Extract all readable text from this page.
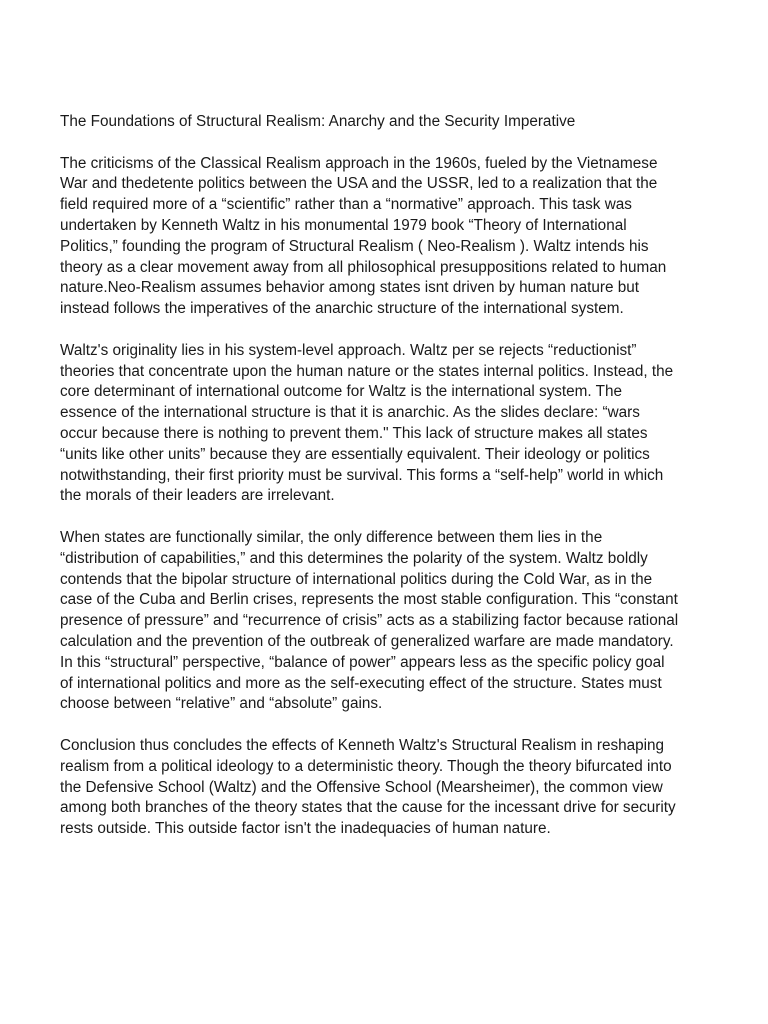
The Foundations of Structural Realism: Anarchy and the Security Imperative

The criticisms of the Classical Realism approach in the 1960s, fueled by the Vietnamese War and thedetente politics between the USA and the USSR, led to a realization that the field required more of a “scientific” rather than a “normative” approach. This task was undertaken by Kenneth Waltz in his monumental 1979 book “Theory of International Politics,” founding the program of Structural Realism ( Neo-Realism ). Waltz intends his theory as a clear movement away from all philosophical presuppositions related to human nature.Neo-Realism assumes behavior among states isnt driven by human nature but instead follows the imperatives of the anarchic structure of the international system.

Waltz's originality lies in his system-level approach. Waltz per se rejects “reductionist” theories that concentrate upon the human nature or the states internal politics. Instead, the core determinant of international outcome for Waltz is the international system. The essence of the international structure is that it is anarchic. As the slides declare: “wars occur because there is nothing to prevent them." This lack of structure makes all states “units like other units” because they are essentially equivalent. Their ideology or politics notwithstanding, their first priority must be survival. This forms a “self-help” world in which the morals of their leaders are irrelevant.

When states are functionally similar, the only difference between them lies in the “distribution of capabilities,” and this determines the polarity of the system. Waltz boldly contends that the bipolar structure of international politics during the Cold War, as in the case of the Cuba and Berlin crises, represents the most stable configuration. This “constant presence of pressure” and “recurrence of crisis” acts as a stabilizing factor because rational calculation and the prevention of the outbreak of generalized warfare are made mandatory. In this “structural” perspective, “balance of power” appears less as the specific policy goal of international politics and more as the self-executing effect of the structure. States must choose between “relative” and “absolute” gains.

Conclusion thus concludes the effects of Kenneth Waltz's Structural Realism in reshaping realism from a political ideology to a deterministic theory. Though the theory bifurcated into the Defensive School (Waltz) and the Offensive School (Mearsheimer), the common view among both branches of the theory states that the cause for the incessant drive for security rests outside. This outside factor isn't the inadequacies of human nature.
